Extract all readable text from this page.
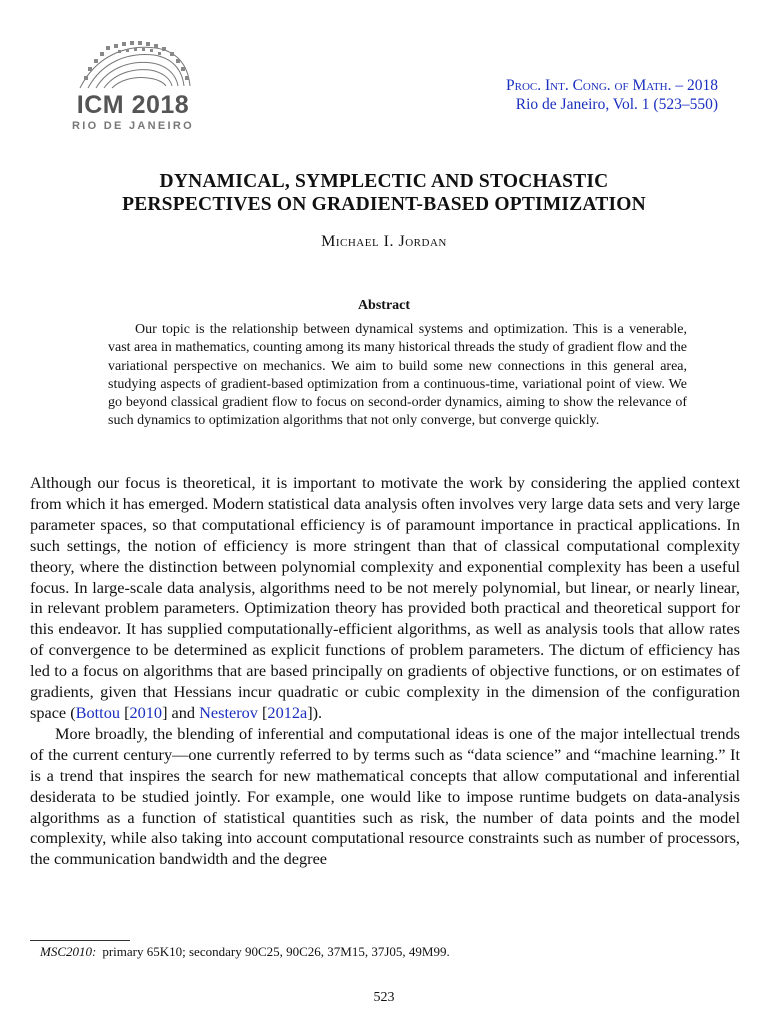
ICM 2018
RIO DE JANEIRO
Proc. Int. Cong. of Math. – 2018
Rio de Janeiro, Vol. 1 (523–550)
DYNAMICAL, SYMPLECTIC AND STOCHASTIC
PERSPECTIVES ON GRADIENT-BASED OPTIMIZATION
Michael I. Jordan
Abstract

Our topic is the relationship between dynamical systems and optimization. This is a venerable, vast area in mathematics, counting among its many historical threads the study of gradient flow and the variational perspective on mechanics. We aim to build some new connections in this general area, studying aspects of gradient-based optimization from a continuous-time, variational point of view. We go beyond classical gradient flow to focus on second-order dynamics, aiming to show the relevance of such dynamics to optimization algorithms that not only converge, but converge quickly.

Although our focus is theoretical, it is important to motivate the work by considering the applied context from which it has emerged. Modern statistical data analysis often involves very large data sets and very large parameter spaces, so that computational efficiency is of paramount importance in practical applications. In such settings, the notion of efficiency is more stringent than that of classical computational complexity theory, where the distinction between polynomial complexity and exponential complexity has been a useful focus. In large-scale data analysis, algorithms need to be not merely polynomial, but linear, or nearly linear, in relevant problem parameters. Optimization theory has provided both practical and theoretical support for this endeavor. It has supplied computationally-efficient algorithms, as well as analysis tools that allow rates of convergence to be determined as explicit functions of problem parameters. The dictum of efficiency has led to a focus on algorithms that are based principally on gradients of objective functions, or on estimates of gradients, given that Hessians incur quadratic or cubic complexity in the dimension of the configuration space (Bottou [2010] and Nesterov [2012a]).

More broadly, the blending of inferential and computational ideas is one of the major intellectual trends of the current century—one currently referred to by terms such as “data science” and “machine learning.” It is a trend that inspires the search for new mathematical concepts that allow computational and inferential desiderata to be studied jointly. For example, one would like to impose runtime budgets on data-analysis algorithms as a function of statistical quantities such as risk, the number of data points and the model complexity, while also taking into account computational resource constraints such as number of processors, the communication bandwidth and the degree

MSC2010: primary 65K10; secondary 90C25, 90C26, 37M15, 37J05, 49M99.
523
